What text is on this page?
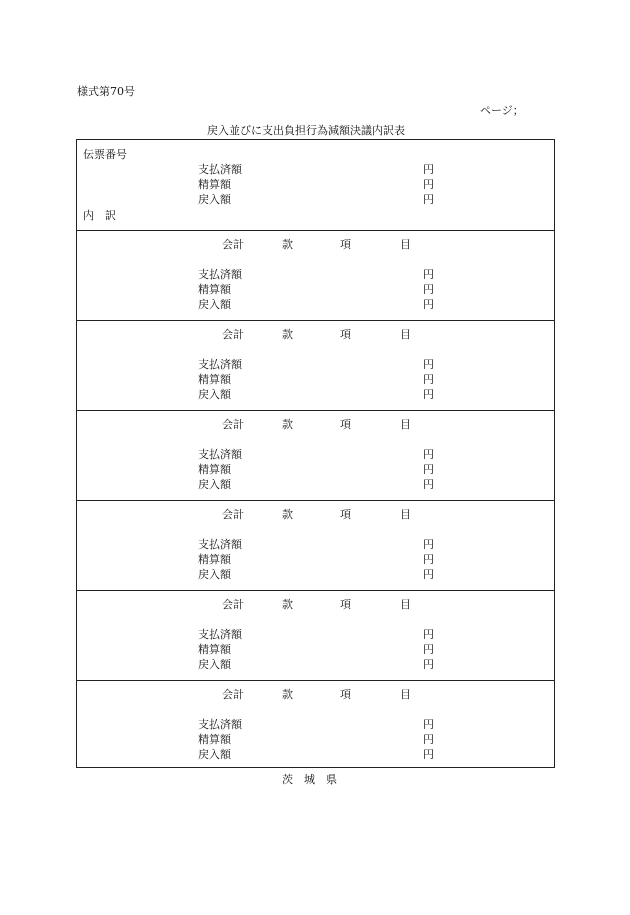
様式第70号
ページ；
戻入並びに支出負担行為減額決議内訳表
伝票番号
支払済額	円
精算額	円
戻入額	円
内　訳
会計	款	項	目
支払済額	円
精算額	円
戻入額	円
会計	款	項	目
支払済額	円
精算額	円
戻入額	円
会計	款	項	目
支払済額	円
精算額	円
戻入額	円
会計	款	項	目
支払済額	円
精算額	円
戻入額	円
会計	款	項	目
支払済額	円
精算額	円
戻入額	円
会計	款	項	目
支払済額	円
精算額	円
戻入額	円
茨　城　県
